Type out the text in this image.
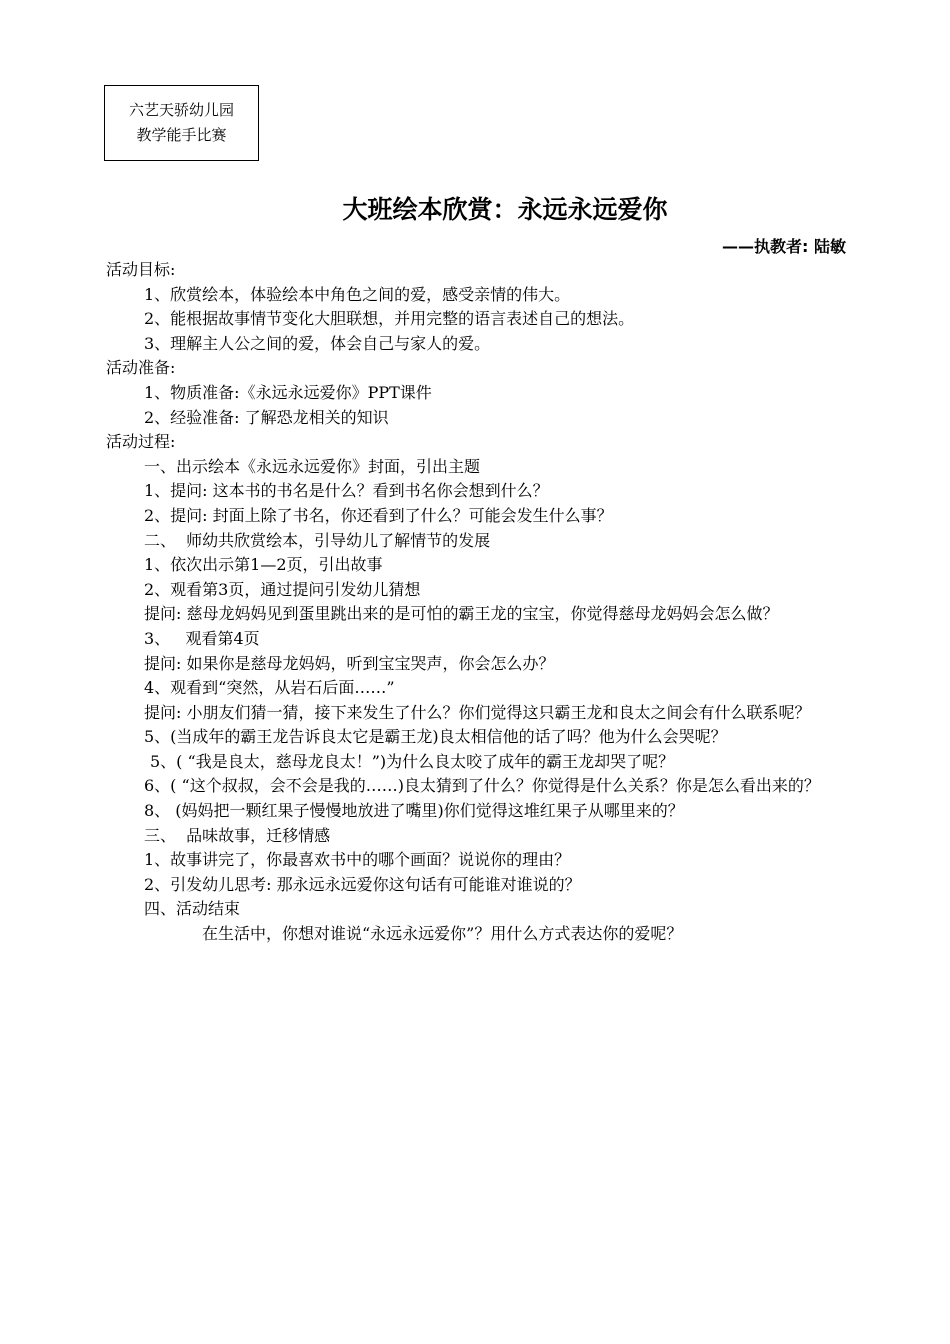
六艺天骄幼儿园
教学能手比赛
大班绘本欣赏：永远永远爱你
——执教者: 陆敏

活动目标:

1、欣赏绘本，体验绘本中角色之间的爱，感受亲情的伟大。

2、能根据故事情节变化大胆联想，并用完整的语言表述自己的想法。

3、理解主人公之间的爱，体会自己与家人的爱。

活动准备:

1、物质准备:《永远永远爱你》PPT课件

2、经验准备: 了解恐龙相关的知识

活动过程:

一、出示绘本《永远永远爱你》封面，引出主题

1、提问: 这本书的书名是什么？看到书名你会想到什么？

2、提问: 封面上除了书名，你还看到了什么？可能会发生什么事？

二、  师幼共欣赏绘本，引导幼儿了解情节的发展

1、依次出示第1—2页，引出故事

2、观看第3页，通过提问引发幼儿猜想

提问: 慈母龙妈妈见到蛋里跳出来的是可怕的霸王龙的宝宝，你觉得慈母龙妈妈会怎么做？

3、   观看第4页

提问: 如果你是慈母龙妈妈，听到宝宝哭声，你会怎么办？

4、观看到“突然，从岩石后面……”

提问: 小朋友们猜一猜，接下来发生了什么？你们觉得这只霸王龙和良太之间会有什么联系呢？

5、(当成年的霸王龙告诉良太它是霸王龙)良太相信他的话了吗？他为什么会哭呢？

5、( “我是良太，慈母龙良太！”)为什么良太咬了成年的霸王龙却哭了呢？

6、( “这个叔叔，会不会是我的……)良太猜到了什么？你觉得是什么关系？你是怎么看出来的？

8、 (妈妈把一颗红果子慢慢地放进了嘴里)你们觉得这堆红果子从哪里来的？

三、  品味故事，迁移情感

1、故事讲完了，你最喜欢书中的哪个画面？说说你的理由？

2、引发幼儿思考: 那永远永远爱你这句话有可能谁对谁说的？

四、活动结束

在生活中，你想对谁说“永远永远爱你”？用什么方式表达你的爱呢？
